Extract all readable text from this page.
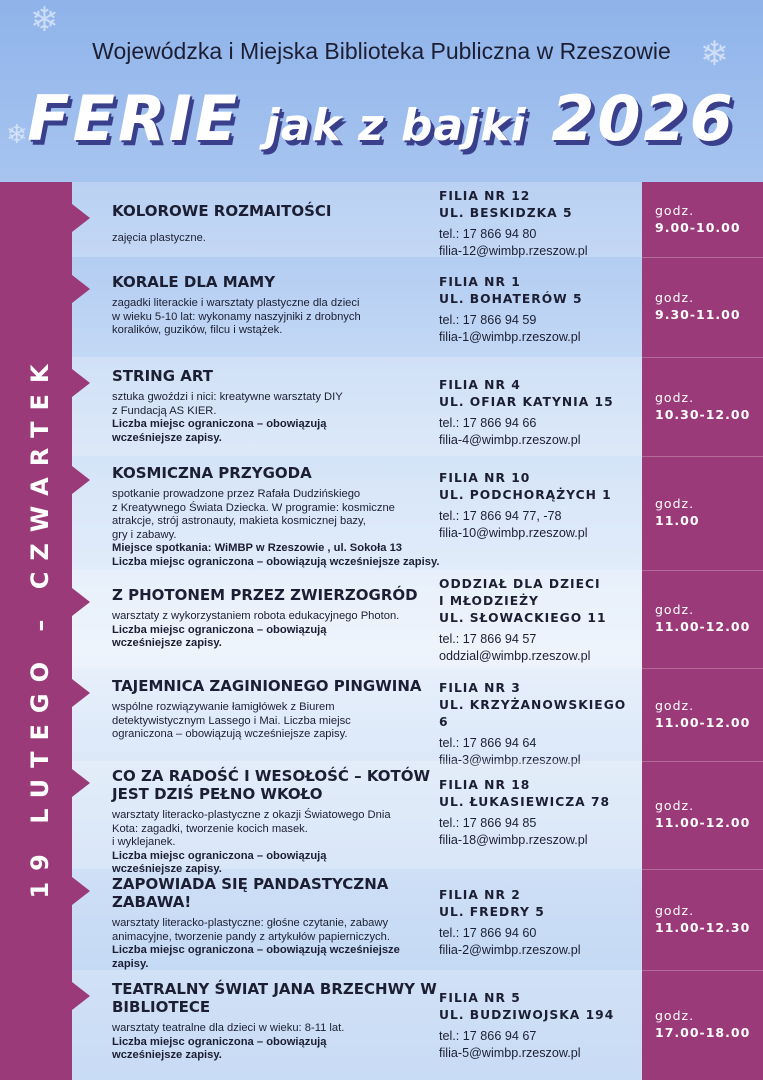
❄
❄
❄
Wojewódzka i Miejska Biblioteka Publiczna w Rzeszowie
FERIE jak z bajki 2026
19 LUTEGO – CZWARTEK
KOLOROWE ROZMAITOŚCI
zajęcia plastyczne.
FILIA NR 12
UL. BESKIDZKA 5
tel.: 17 866 94 80
filia-12@wimbp.rzeszow.pl
godz.
9.00-10.00
KORALE DLA MAMY
zagadki literackie i warsztaty plastyczne dla dzieci
w wieku 5-10 lat: wykonamy naszyjniki z drobnych
koralików, guzików, filcu i wstążek.
FILIA NR 1
UL. BOHATERÓW 5
tel.: 17 866 94 59
filia-1@wimbp.rzeszow.pl
godz.
9.30-11.00
STRING ART
sztuka gwoździ i nici: kreatywne warsztaty DIY
z Fundacją AS KIER.
Liczba miejsc ograniczona – obowiązują
wcześniejsze zapisy.
FILIA NR 4
UL. OFIAR KATYNIA 15
tel.: 17 866 94 66
filia-4@wimbp.rzeszow.pl
godz.
10.30-12.00
KOSMICZNA PRZYGODA
spotkanie prowadzone przez Rafała Dudzińskiego
z Kreatywnego Świata Dziecka. W programie: kosmiczne
atrakcje, strój astronauty, makieta kosmicznej bazy,
gry i zabawy.
Miejsce spotkania: WiMBP w Rzeszowie , ul. Sokoła 13
Liczba miejsc ograniczona – obowiązują wcześniejsze zapisy.
FILIA NR 10
UL. PODCHORĄŻYCH 1
tel.: 17 866 94 77, -78
filia-10@wimbp.rzeszow.pl
godz.
11.00
Z PHOTONEM PRZEZ ZWIERZOGRÓD
warsztaty z wykorzystaniem robota edukacyjnego Photon.
Liczba miejsc ograniczona – obowiązują
wcześniejsze zapisy.
ODDZIAŁ DLA DZIECI
I MŁODZIEŻY
UL. SŁOWACKIEGO 11
tel.: 17 866 94 57
oddzial@wimbp.rzeszow.pl
godz.
11.00-12.00
TAJEMNICA ZAGINIONEGO PINGWINA
wspólne rozwiązywanie łamigłówek z Biurem
detektywistycznym Lassego i Mai. Liczba miejsc
ograniczona – obowiązują wcześniejsze zapisy.
FILIA NR 3
UL. KRZYŻANOWSKIEGO 6
tel.: 17 866 94 64
filia-3@wimbp.rzeszow.pl
godz.
11.00-12.00
CO ZA RADOŚĆ I WESOŁOŚĆ – KOTÓW JEST DZIŚ PEŁNO WKOŁO
warsztaty literacko-plastyczne z okazji Światowego Dnia
Kota: zagadki, tworzenie kocich masek.
i wyklejanek.
Liczba miejsc ograniczona – obowiązują
wcześniejsze zapisy.
FILIA NR 18
UL. ŁUKASIEWICZA 78
tel.: 17 866 94 85
filia-18@wimbp.rzeszow.pl
godz.
11.00-12.00
ZAPOWIADA SIĘ PANDASTYCZNA ZABAWA!
warsztaty literacko-plastyczne: głośne czytanie, zabawy
animacyjne, tworzenie pandy z artykułów papierniczych.
Liczba miejsc ograniczona – obowiązują wcześniejsze
zapisy.
FILIA NR 2
UL. FREDRY 5
tel.: 17 866 94 60
filia-2@wimbp.rzeszow.pl
godz.
11.00-12.30
TEATRALNY ŚWIAT JANA BRZECHWY W BIBLIOTECE
warsztaty teatralne dla dzieci w wieku: 8-11 lat.
Liczba miejsc ograniczona – obowiązują
wcześniejsze zapisy.
FILIA NR 5
UL. BUDZIWOJSKA 194
tel.: 17 866 94 67
filia-5@wimbp.rzeszow.pl
godz.
17.00-18.00
